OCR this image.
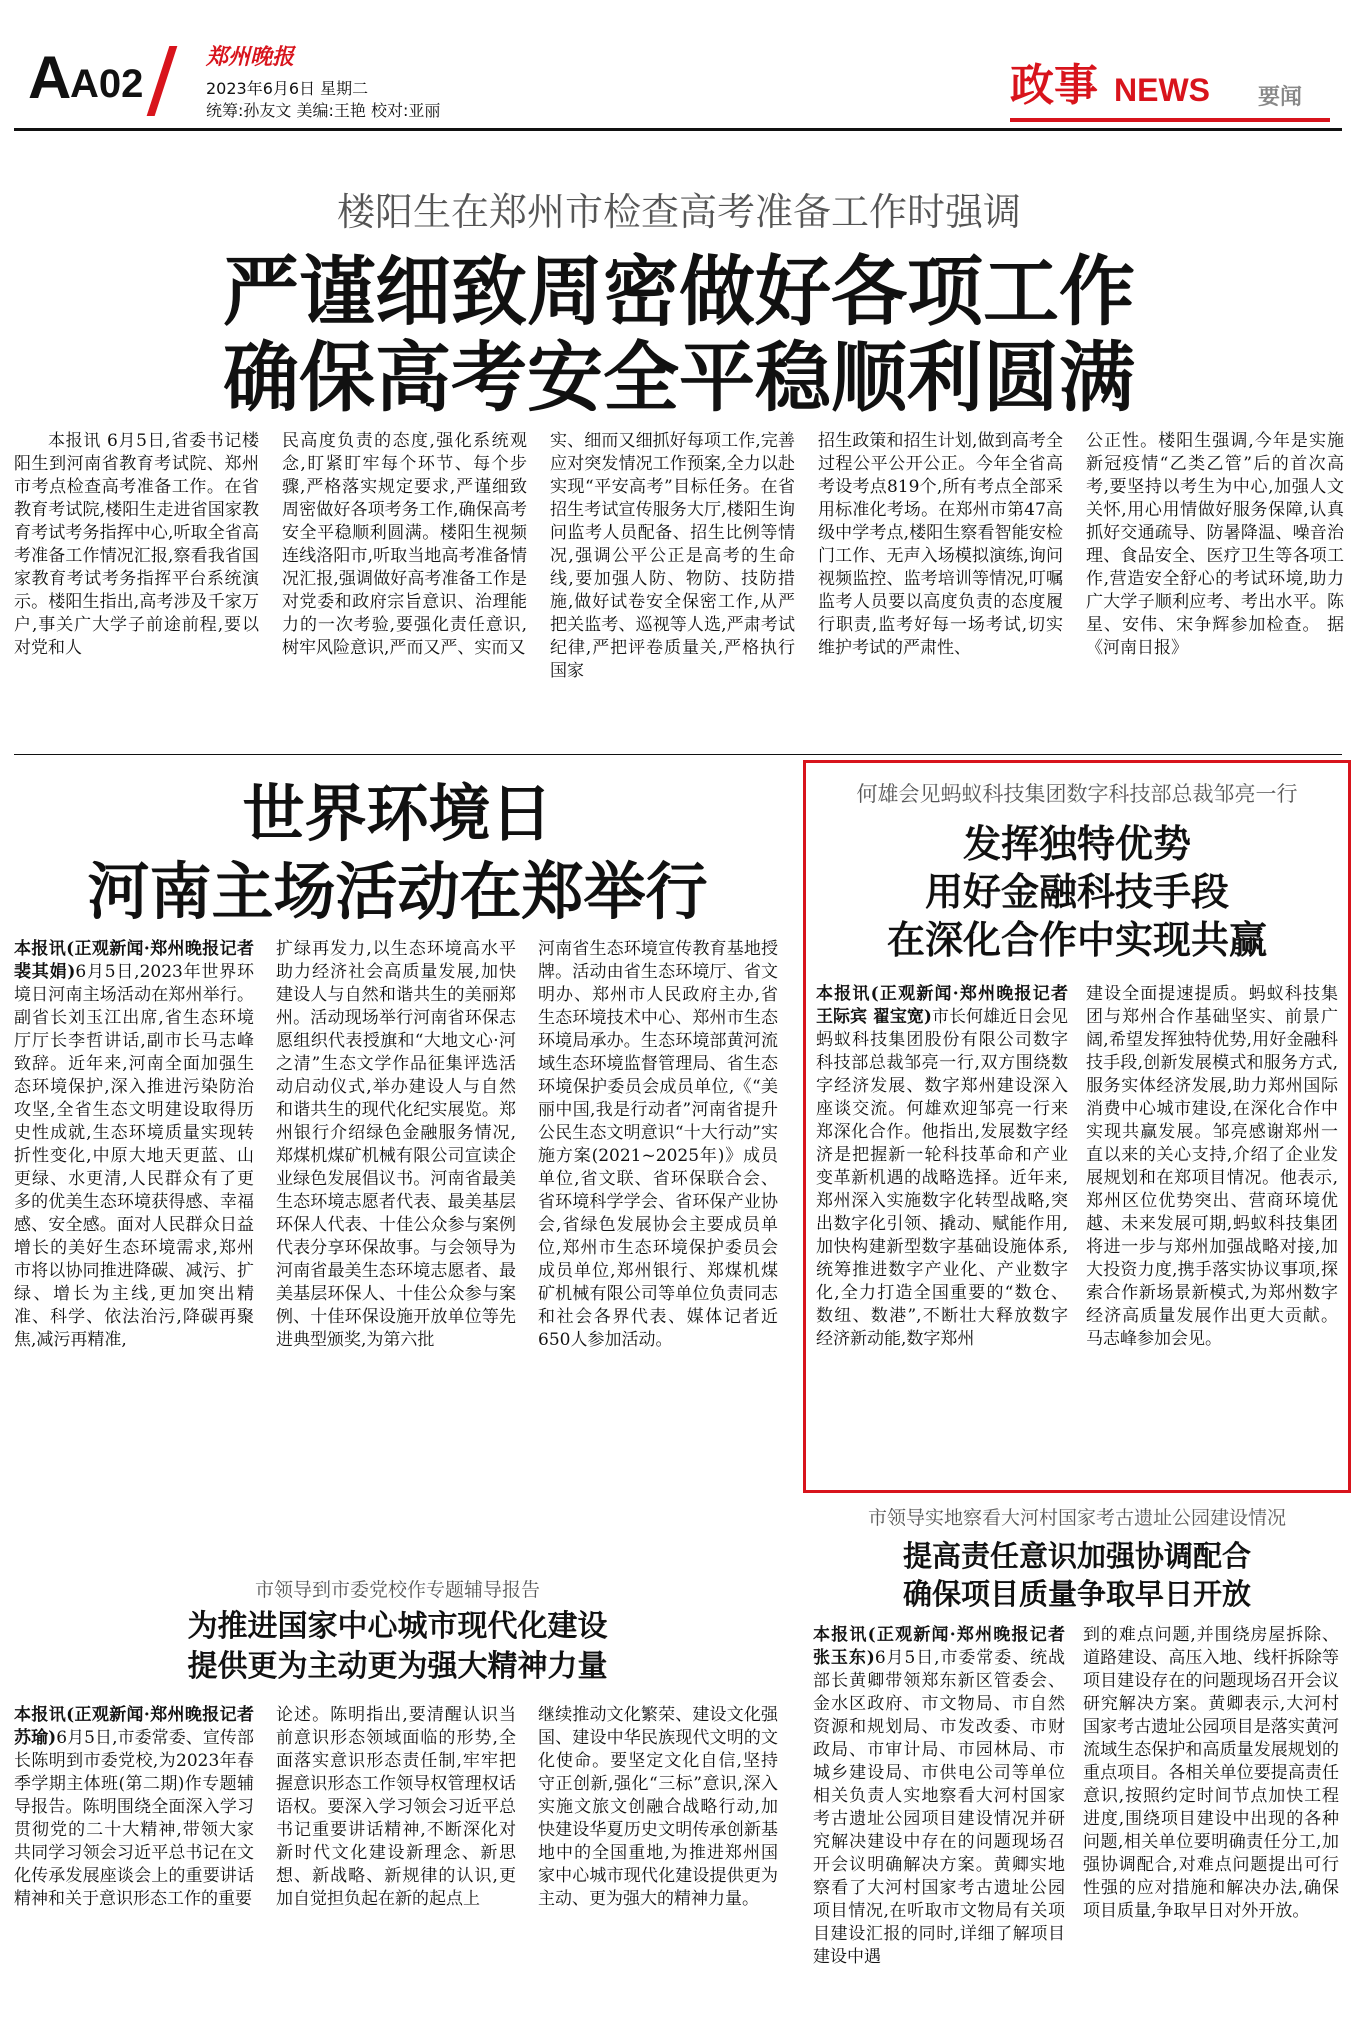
A
A02
郑州晚报
2023年6月6日 星期二
统筹:孙友文 美编:王艳 校对:亚丽	政事 NEWS 要闻
楼阳生在郑州市检查高考准备工作时强调
严谨细致周密做好各项工作
确保高考安全平稳顺利圆满

本报讯 6月5日,省委书记楼阳生到河南省教育考试院、郑州市考点检查高考准备工作。在省教育考试院,楼阳生走进省国家教育考试考务指挥中心,听取全省高考准备工作情况汇报,察看我省国家教育考试考务指挥平台系统演示。楼阳生指出,高考涉及千家万户,事关广大学子前途前程,要以对党和人

民高度负责的态度,强化系统观念,盯紧盯牢每个环节、每个步骤,严格落实规定要求,严谨细致周密做好各项考务工作,确保高考安全平稳顺利圆满。楼阳生视频连线洛阳市,听取当地高考准备情况汇报,强调做好高考准备工作是对党委和政府宗旨意识、治理能力的一次考验,要强化责任意识,树牢风险意识,严而又严、实而又

实、细而又细抓好每项工作,完善应对突发情况工作预案,全力以赴实现“平安高考”目标任务。在省招生考试宣传服务大厅,楼阳生询问监考人员配备、招生比例等情况,强调公平公正是高考的生命线,要加强人防、物防、技防措施,做好试卷安全保密工作,从严把关监考、巡视等人选,严肃考试纪律,严把评卷质量关,严格执行国家

招生政策和招生计划,做到高考全过程公平公开公正。今年全省高考设考点819个,所有考点全部采用标准化考场。在郑州市第47高级中学考点,楼阳生察看智能安检门工作、无声入场模拟演练,询问视频监控、监考培训等情况,叮嘱监考人员要以高度负责的态度履行职责,监考好每一场考试,切实维护考试的严肃性、

公正性。楼阳生强调,今年是实施新冠疫情“乙类乙管”后的首次高考,要坚持以考生为中心,加强人文关怀,用心用情做好服务保障,认真抓好交通疏导、防暑降温、噪音治理、食品安全、医疗卫生等各项工作,营造安全舒心的考试环境,助力广大学子顺利应考、考出水平。陈星、安伟、宋争辉参加检查。 据《河南日报》

世界环境日
河南主场活动在郑举行
本报讯(正观新闻·郑州晚报记者 裴其娟)6月5日,2023年世界环境日河南主场活动在郑州举行。副省长刘玉江出席,省生态环境厅厅长李哲讲话,副市长马志峰致辞。近年来,河南全面加强生态环境保护,深入推进污染防治攻坚,全省生态文明建设取得历史性成就,生态环境质量实现转折性变化,中原大地天更蓝、山更绿、水更清,人民群众有了更多的优美生态环境获得感、幸福感、安全感。面对人民群众日益增长的美好生态环境需求,郑州市将以协同推进降碳、减污、扩绿、增长为主线,更加突出精准、科学、依法治污,降碳再聚焦,减污再精准,

扩绿再发力,以生态环境高水平助力经济社会高质量发展,加快建设人与自然和谐共生的美丽郑州。活动现场举行河南省环保志愿组织代表授旗和“大地文心·河之清”生态文学作品征集评选活动启动仪式,举办建设人与自然和谐共生的现代化纪实展览。郑州银行介绍绿色金融服务情况,郑煤机煤矿机械有限公司宣读企业绿色发展倡议书。河南省最美生态环境志愿者代表、最美基层环保人代表、十佳公众参与案例代表分享环保故事。与会领导为河南省最美生态环境志愿者、最美基层环保人、十佳公众参与案例、十佳环保设施开放单位等先进典型颁奖,为第六批

河南省生态环境宣传教育基地授牌。活动由省生态环境厅、省文明办、郑州市人民政府主办,省生态环境技术中心、郑州市生态环境局承办。生态环境部黄河流域生态环境监督管理局、省生态环境保护委员会成员单位,《“美丽中国,我是行动者”河南省提升公民生态文明意识“十大行动”实施方案(2021~2025年)》成员单位,省文联、省环保联合会、省环境科学学会、省环保产业协会,省绿色发展协会主要成员单位,郑州市生态环境保护委员会成员单位,郑州银行、郑煤机煤矿机械有限公司等单位负责同志和社会各界代表、媒体记者近650人参加活动。

何雄会见蚂蚁科技集团数字科技部总裁邹亮一行
发挥独特优势
用好金融科技手段
在深化合作中实现共赢
本报讯(正观新闻·郑州晚报记者 王际宾 翟宝宽)市长何雄近日会见蚂蚁科技集团股份有限公司数字科技部总裁邹亮一行,双方围绕数字经济发展、数字郑州建设深入座谈交流。何雄欢迎邹亮一行来郑深化合作。他指出,发展数字经济是把握新一轮科技革命和产业变革新机遇的战略选择。近年来,郑州深入实施数字化转型战略,突出数字化引领、撬动、赋能作用,加快构建新型数字基础设施体系,统筹推进数字产业化、产业数字化,全力打造全国重要的“数仓、数纽、数港”,不断壮大释放数字经济新动能,数字郑州

建设全面提速提质。蚂蚁科技集团与郑州合作基础坚实、前景广阔,希望发挥独特优势,用好金融科技手段,创新发展模式和服务方式,服务实体经济发展,助力郑州国际消费中心城市建设,在深化合作中实现共赢发展。邹亮感谢郑州一直以来的关心支持,介绍了企业发展规划和在郑项目情况。他表示,郑州区位优势突出、营商环境优越、未来发展可期,蚂蚁科技集团将进一步与郑州加强战略对接,加大投资力度,携手落实协议事项,探索合作新场景新模式,为郑州数字经济高质量发展作出更大贡献。马志峰参加会见。

市领导到市委党校作专题辅导报告
为推进国家中心城市现代化建设
提供更为主动更为强大精神力量
本报讯(正观新闻·郑州晚报记者 苏瑜)6月5日,市委常委、宣传部长陈明到市委党校,为2023年春季学期主体班(第二期)作专题辅导报告。陈明围绕全面深入学习贯彻党的二十大精神,带领大家共同学习领会习近平总书记在文化传承发展座谈会上的重要讲话精神和关于意识形态工作的重要

论述。陈明指出,要清醒认识当前意识形态领域面临的形势,全面落实意识形态责任制,牢牢把握意识形态工作领导权管理权话语权。要深入学习领会习近平总书记重要讲话精神,不断深化对新时代文化建设新理念、新思想、新战略、新规律的认识,更加自觉担负起在新的起点上

继续推动文化繁荣、建设文化强国、建设中华民族现代文明的文化使命。要坚定文化自信,坚持守正创新,强化“三标”意识,深入实施文旅文创融合战略行动,加快建设华夏历史文明传承创新基地中的全国重地,为推进郑州国家中心城市现代化建设提供更为主动、更为强大的精神力量。

市领导实地察看大河村国家考古遗址公园建设情况
提高责任意识加强协调配合
确保项目质量争取早日开放
本报讯(正观新闻·郑州晚报记者 张玉东)6月5日,市委常委、统战部长黄卿带领郑东新区管委会、金水区政府、市文物局、市自然资源和规划局、市发改委、市财政局、市审计局、市园林局、市城乡建设局、市供电公司等单位相关负责人实地察看大河村国家考古遗址公园项目建设情况并研究解决建设中存在的问题现场召开会议明确解决方案。黄卿实地察看了大河村国家考古遗址公园项目情况,在听取市文物局有关项目建设汇报的同时,详细了解项目建设中遇

到的难点问题,并围绕房屋拆除、道路建设、高压入地、线杆拆除等项目建设存在的问题现场召开会议研究解决方案。黄卿表示,大河村国家考古遗址公园项目是落实黄河流域生态保护和高质量发展规划的重点项目。各相关单位要提高责任意识,按照约定时间节点加快工程进度,围绕项目建设中出现的各种问题,相关单位要明确责任分工,加强协调配合,对难点问题提出可行性强的应对措施和解决办法,确保项目质量,争取早日对外开放。
